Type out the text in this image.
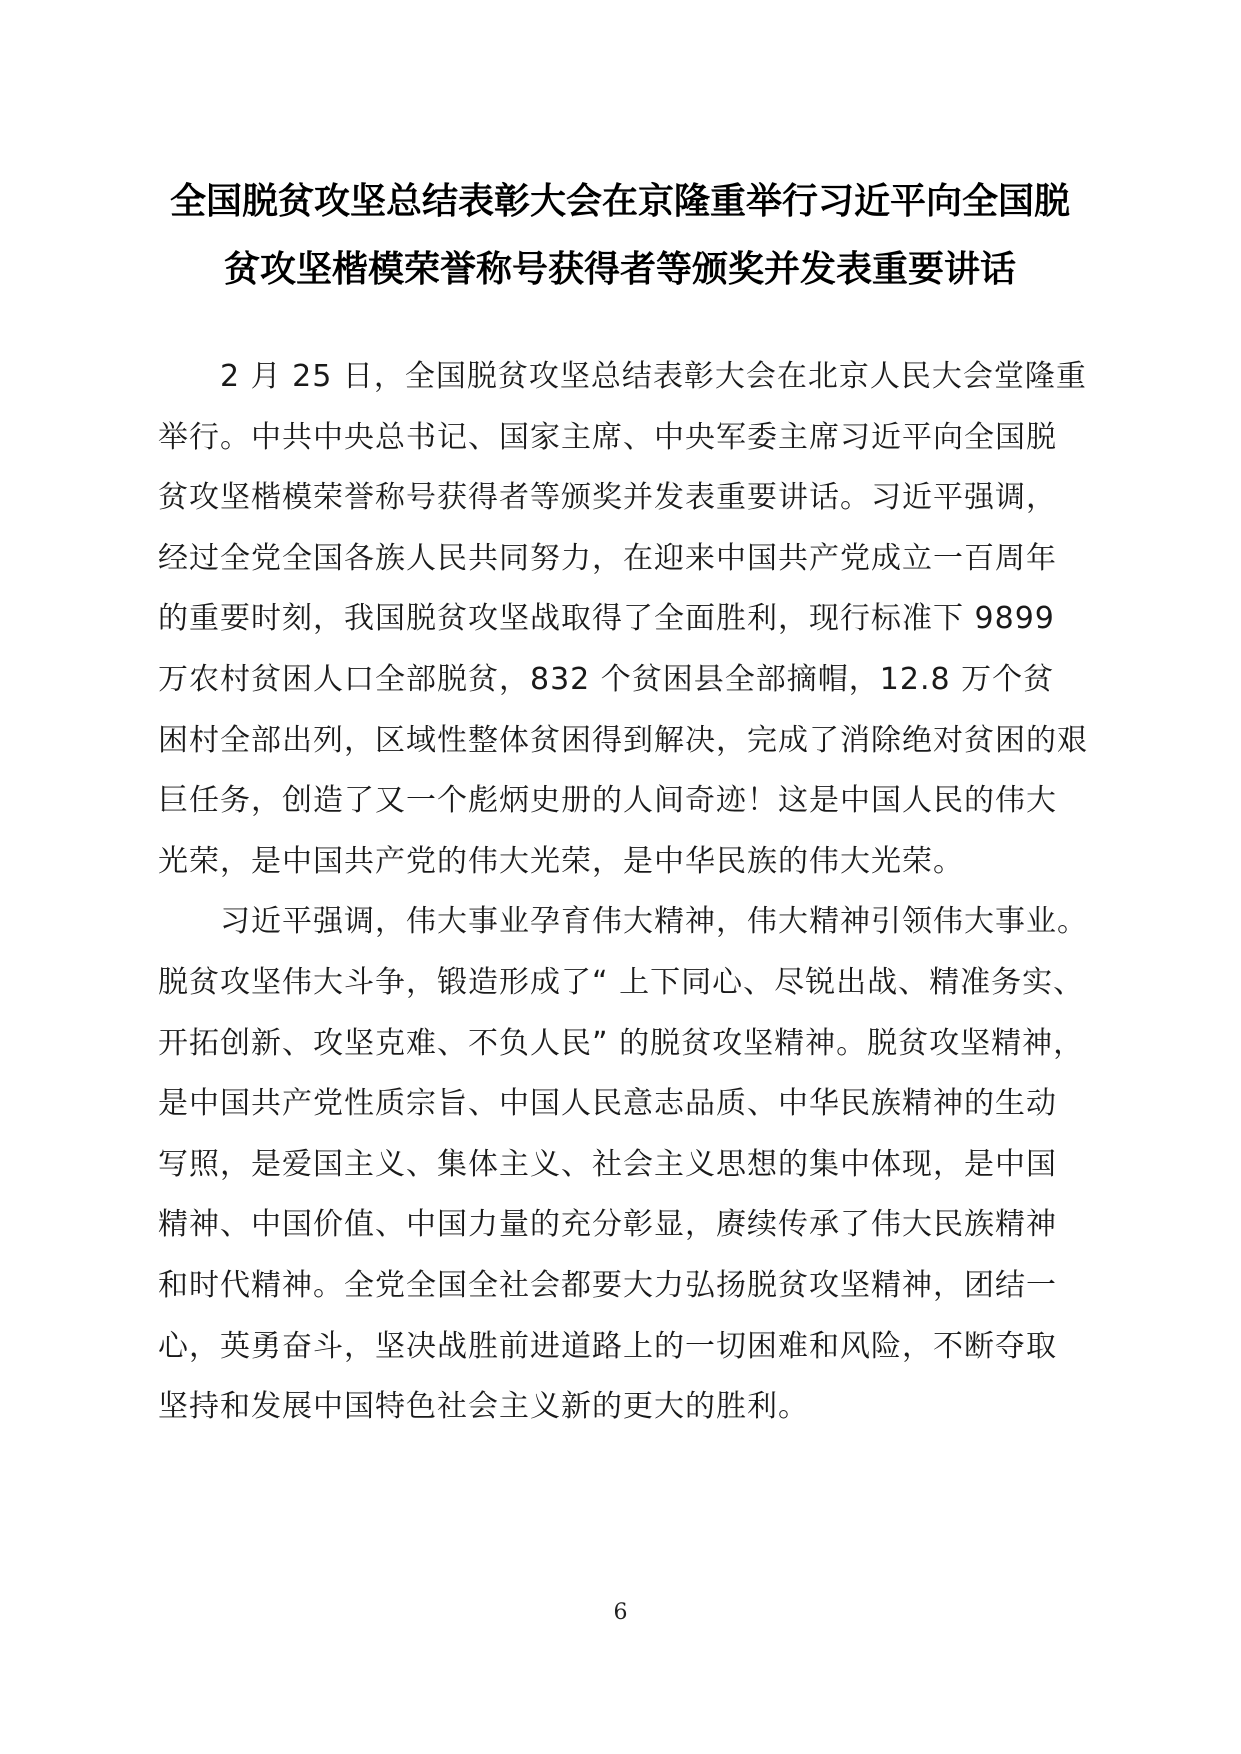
全国脱贫攻坚总结表彰大会在京隆重举行习近平向全国脱
贫攻坚楷模荣誉称号获得者等颁奖并发表重要讲话

　　2 月 25 日，全国脱贫攻坚总结表彰大会在北京人民大会堂隆重
举行。中共中央总书记、国家主席、中央军委主席习近平向全国脱
贫攻坚楷模荣誉称号获得者等颁奖并发表重要讲话。习近平强调，
经过全党全国各族人民共同努力，在迎来中国共产党成立一百周年
的重要时刻，我国脱贫攻坚战取得了全面胜利，现行标准下 9899
万农村贫困人口全部脱贫，832 个贫困县全部摘帽，12.8 万个贫
困村全部出列，区域性整体贫困得到解决，完成了消除绝对贫困的艰
巨任务，创造了又一个彪炳史册的人间奇迹！这是中国人民的伟大
光荣，是中国共产党的伟大光荣，是中华民族的伟大光荣。

　　习近平强调，伟大事业孕育伟大精神，伟大精神引领伟大事业。
脱贫攻坚伟大斗争，锻造形成了“ 上下同心、尽锐出战、精准务实、
开拓创新、攻坚克难、不负人民” 的脱贫攻坚精神。脱贫攻坚精神，
是中国共产党性质宗旨、中国人民意志品质、中华民族精神的生动
写照，是爱国主义、集体主义、社会主义思想的集中体现，是中国
精神、中国价值、中国力量的充分彰显，赓续传承了伟大民族精神
和时代精神。全党全国全社会都要大力弘扬脱贫攻坚精神，团结一
心，英勇奋斗，坚决战胜前进道路上的一切困难和风险，不断夺取
坚持和发展中国特色社会主义新的更大的胜利。

6
